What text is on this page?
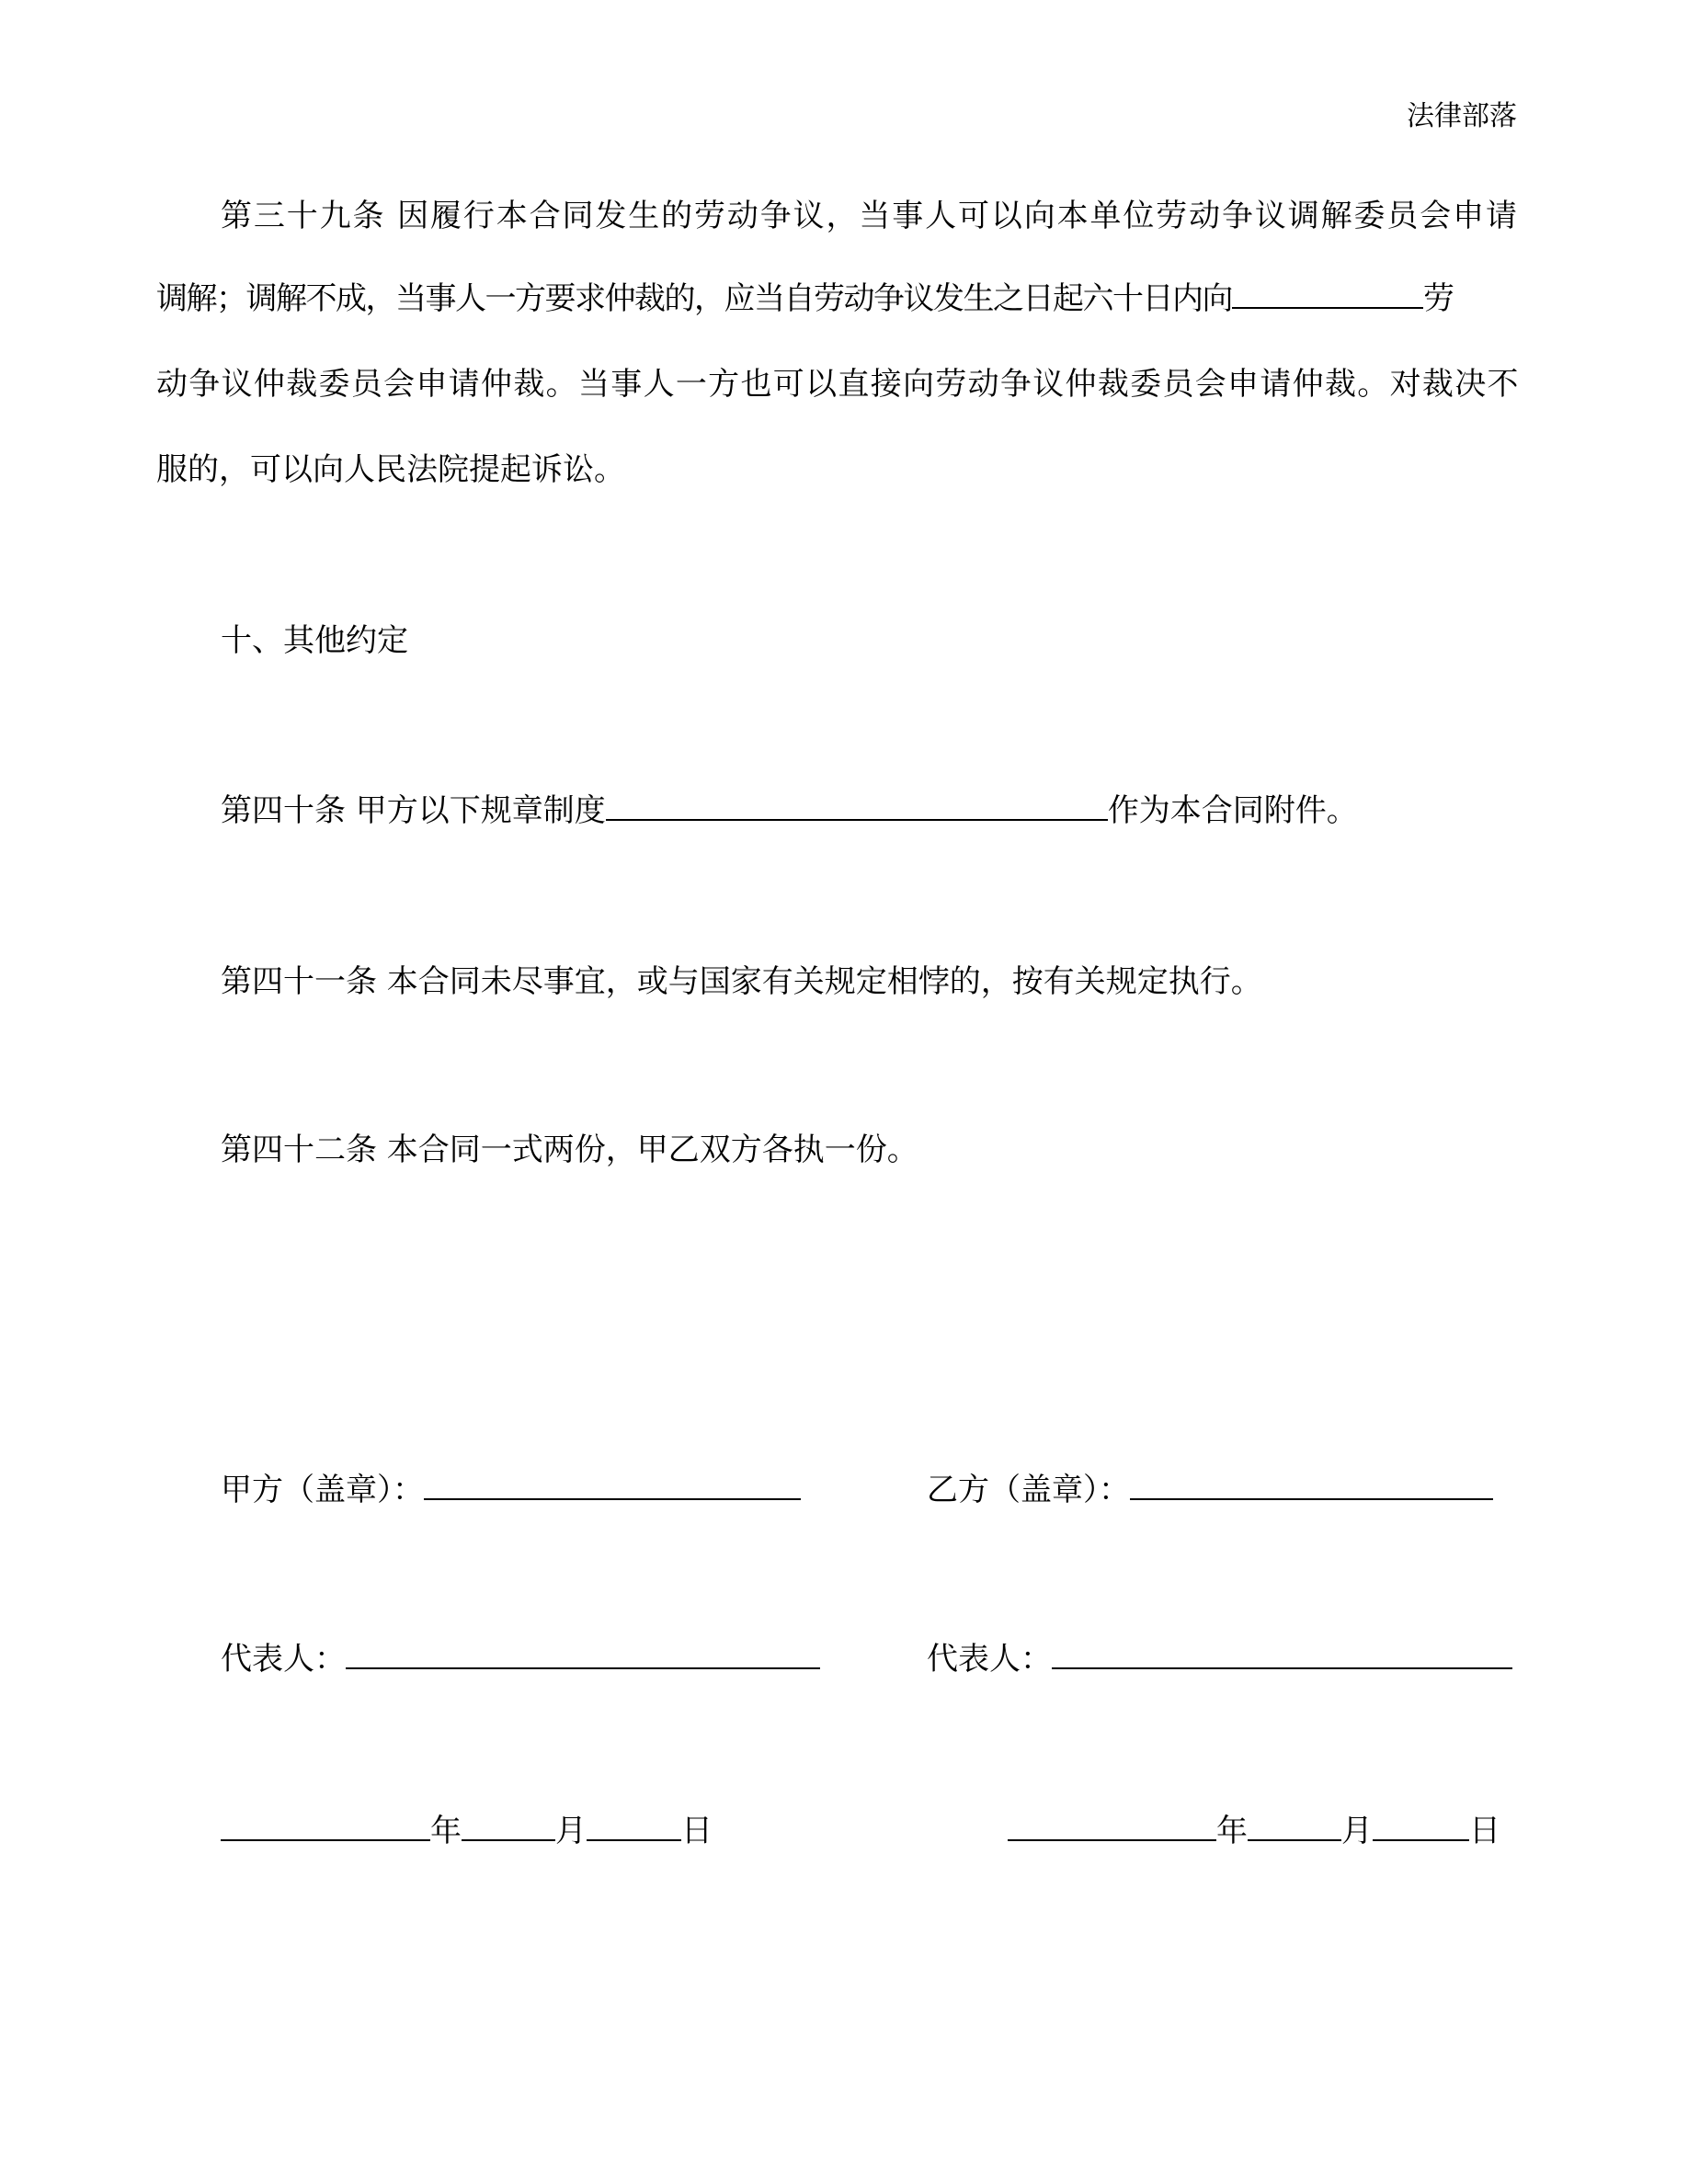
法律部落
第三十九条 因履行本合同发生的劳动争议，当事人可以向本单位劳动争议调解委员会申请
调解；调解不成，当事人一方要求仲裁的，应当自劳动争议发生之日起六十日内向	劳
动争议仲裁委员会申请仲裁。当事人一方也可以直接向劳动争议仲裁委员会申请仲裁。对裁决不
服的，可以向人民法院提起诉讼。
十、其他约定
第四十条 甲方以下规章制度	作为本合同附件。
第四十一条 本合同未尽事宜，或与国家有关规定相悖的，按有关规定执行。
第四十二条 本合同一式两份，甲乙双方各执一份。
甲方（盖章）：	乙方（盖章）：
代表人：	代表人：
年	月	日	年	月	日
